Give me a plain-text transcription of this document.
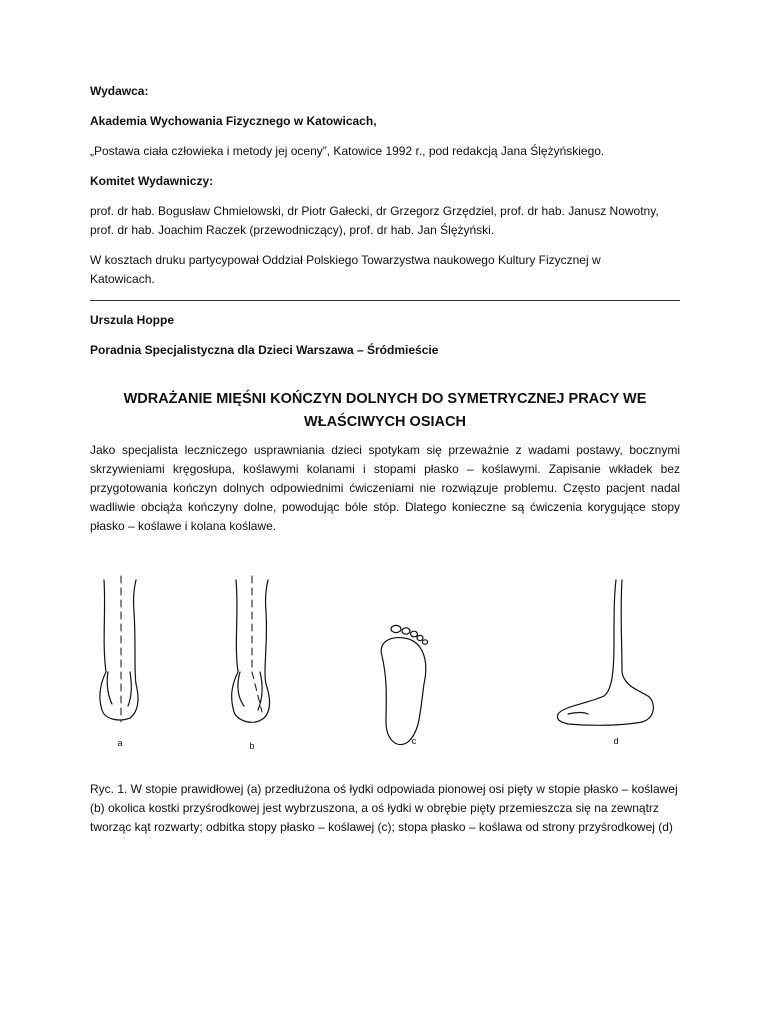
Wydawca:

Akademia Wychowania Fizycznego w Katowicach,

„Postawa ciała człowieka i metody jej oceny”, Katowice 1992 r., pod redakcją Jana Ślężyńskiego.

Komitet Wydawniczy:

prof. dr hab. Bogusław Chmielowski, dr Piotr Gałecki, dr Grzegorz Grzędziel, prof. dr hab. Janusz Nowotny, prof. dr hab. Joachim Raczek (przewodniczący), prof. dr hab. Jan Ślężyński.

W kosztach druku partycypował Oddział Polskiego Towarzystwa naukowego Kultury Fizycznej w Katowicach.

Urszula Hoppe

Poradnia Specjalistyczna dla Dzieci Warszawa – Śródmieście

WDRAŻANIE MIĘŚNI KOŃCZYN DOLNYCH DO SYMETRYCZNEJ PRACY WE WŁAŚCIWYCH OSIACH

Jako specjalista leczniczego usprawniania dzieci spotykam się przeważnie z wadami postawy, bocznymi skrzywieniami kręgosłupa, koślawymi kolanami i stopami płasko – koślawymi. Zapisanie wkładek bez przygotowania kończyn dolnych odpowiednimi ćwiczeniami nie rozwiązuje problemu. Często pacjent nadal wadliwie obciąża kończyny dolne, powodując bóle stóp. Dlatego konieczne są ćwiczenia korygujące stopy płasko – koślawe i kolana koślawe.

a	b	c	d
Ryc. 1. W stopie prawidłowej (a) przedłużona oś łydki odpowiada pionowej osi pięty w stopie płasko – koślawej (b) okolica kostki przyśrodkowej jest wybrzuszona, a oś łydki w obrębie pięty przemieszcza się na zewnątrz tworząc kąt rozwarty; odbitka stopy płasko – koślawej (c); stopa płasko – koślawa od strony przyśrodkowej (d)
